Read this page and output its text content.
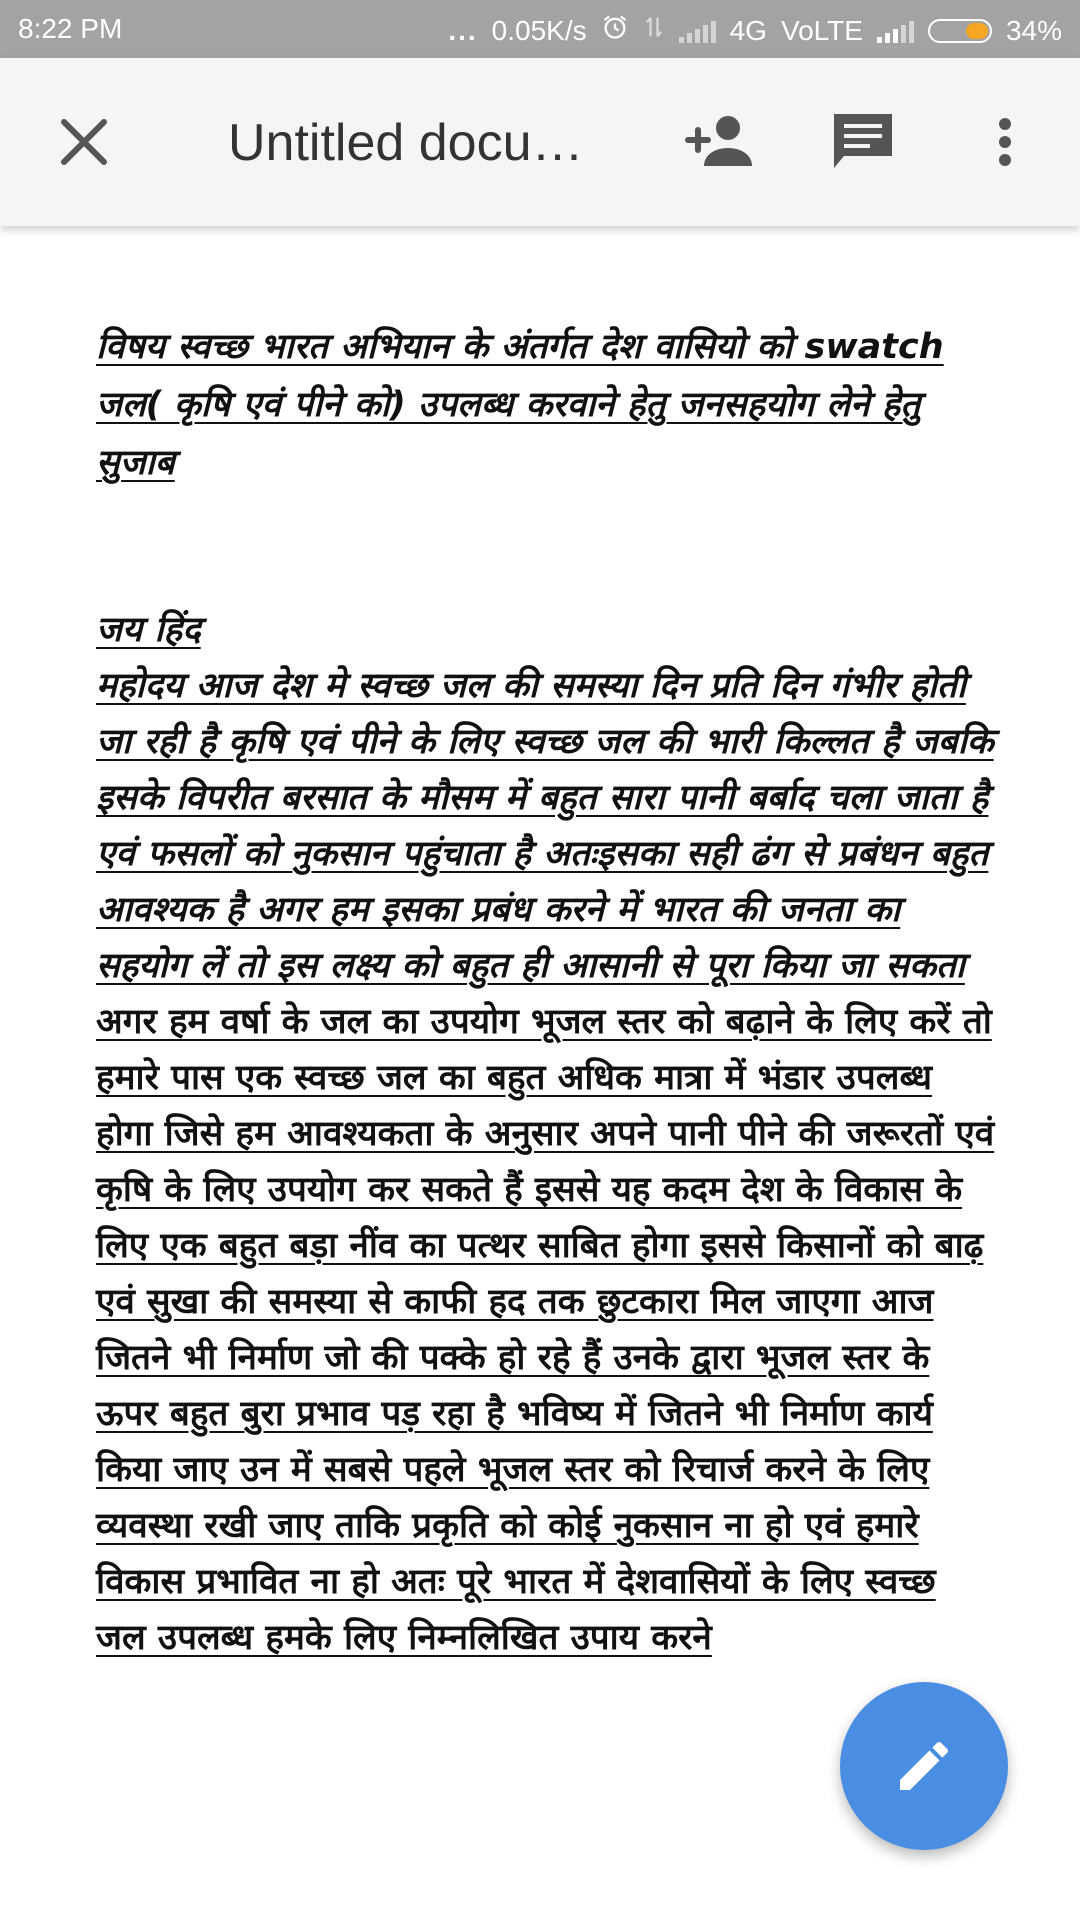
8:22 PM	... 0.05K/s	4G VoLTE	34%
Untitled docu…

विषय स्वच्छ भारत अभियान के अंतर्गत देश वासियो को swatch जल( कृषि एवं पीने को) उपलब्ध करवाने हेतु जनसहयोग लेने हेतु सुजाब

जय हिंद

महोदय आज देश मे स्वच्छ जल की समस्या दिन प्रति दिन गंभीर होती जा रही है कृषि एवं पीने के लिए स्वच्छ जल की भारी किल्लत है जबकि इसके विपरीत बरसात के मौसम में बहुत सारा पानी बर्बाद चला जाता है एवं फसलों को नुकसान पहुंचाता है अतःइसका सही ढंग से प्रबंधन बहुत आवश्यक है अगर हम इसका प्रबंध करने में भारत की जनता का सहयोग लें तो इस लक्ष्य को बहुत ही आसानी से पूरा किया जा सकता

अगर हम वर्षा के जल का उपयोग भूजल स्तर को बढ़ाने के लिए करें तो हमारे पास एक स्वच्छ जल का बहुत अधिक मात्रा में भंडार उपलब्ध होगा जिसे हम आवश्यकता के अनुसार अपने पानी पीने की जरूरतों एवं कृषि के लिए उपयोग कर सकते हैं इससे यह कदम देश के विकास के लिए एक बहुत बड़ा नींव का पत्थर साबित होगा इससे किसानों को बाढ़ एवं सुखा की समस्या से काफी हद तक छुटकारा मिल जाएगा आज जितने भी निर्माण जो की पक्के हो रहे हैं उनके द्वारा भूजल स्तर के ऊपर बहुत बुरा प्रभाव पड़ रहा है भविष्य में जितने भी निर्माण कार्य किया जाए उन में सबसे पहले भूजल स्तर को रिचार्ज करने के लिए व्यवस्था रखी जाए ताकि प्रकृति को कोई नुकसान ना हो एवं हमारे विकास प्रभावित ना हो अतः पूरे भारत में देशवासियों के लिए स्वच्छ जल उपलब्ध हमके लिए निम्नलिखित उपाय करने
